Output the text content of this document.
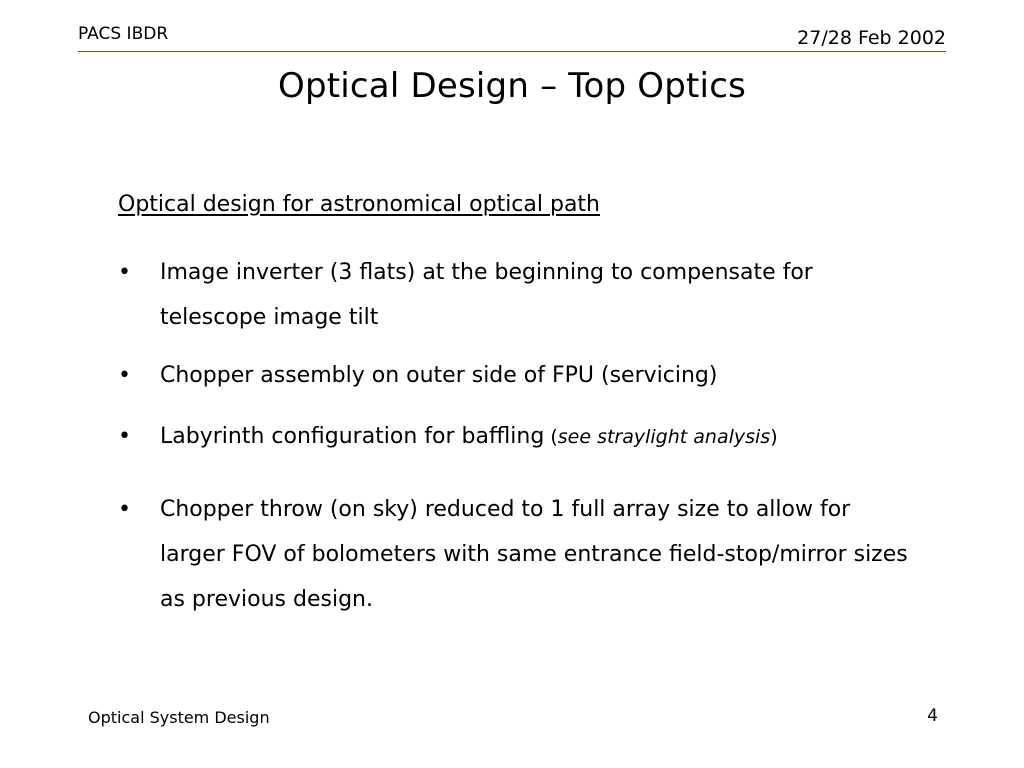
PACS IBDR	27/28 Feb 2002
Optical Design – Top Optics
Optical design for astronomical optical path
•	Image inverter (3 flats) at the beginning to compensate for telescope image tilt
•	Chopper assembly on outer side of FPU (servicing)
•	Labyrinth configuration for baffling (see straylight analysis)
•	Chopper throw (on sky) reduced to 1 full array size to allow for larger FOV of bolometers with same entrance field-stop/mirror sizes as previous design.
Optical System Design	4
